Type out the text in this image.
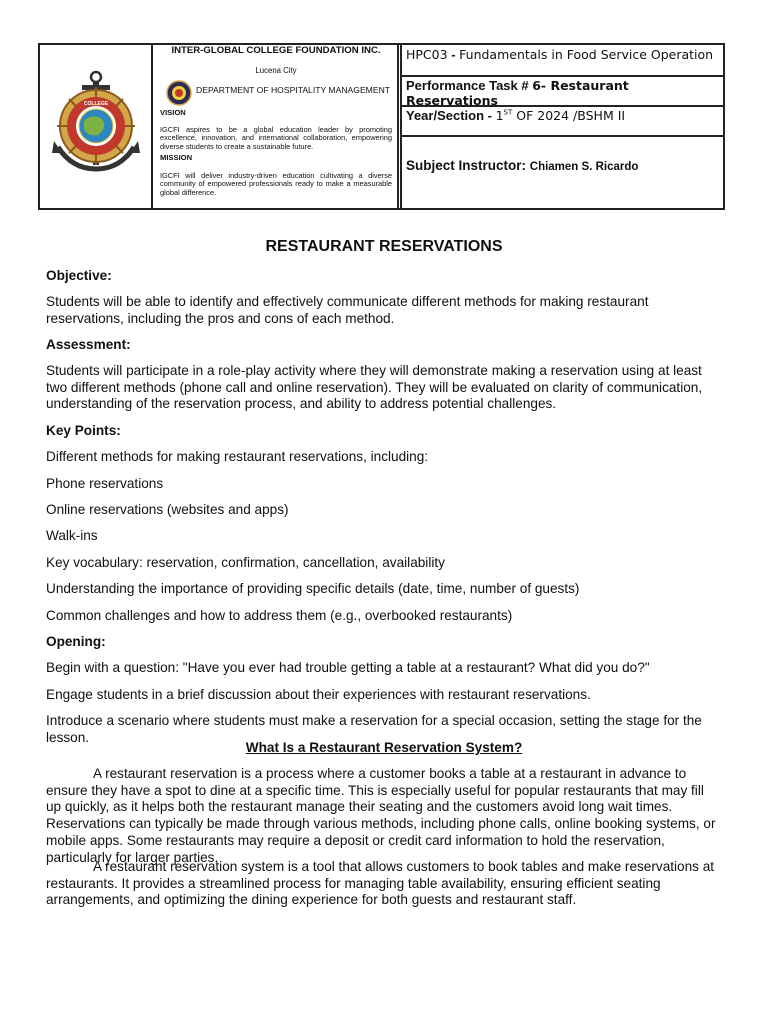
COLLEGE
INTER-GLOBAL COLLEGE FOUNDATION INC.
Lucena City
DEPARTMENT OF HOSPITALITY MANAGEMENT
VISION
IGCFI aspires to be a global education leader by promoting excellence, innovation, and international collaboration, empowering diverse students to create a sustainable future.
MISSION
IGCFI will deliver industry-driven education cultivating a diverse community of empowered professionals ready to make a measurable global difference.
HPC03 - Fundamentals in Food Service Operation
Performance Task # 6- Restaurant Reservations
Year/Section - 1ST OF 2024 /BSHM II
Subject Instructor: Chiamen S. Ricardo

RESTAURANT RESERVATIONS

Objective:

Students will be able to identify and effectively communicate different methods for making restaurant reservations, including the pros and cons of each method.

Assessment:

Students will participate in a role-play activity where they will demonstrate making a reservation using at least two different methods (phone call and online reservation). They will be evaluated on clarity of communication, understanding of the reservation process, and ability to address potential challenges.

Key Points:

Different methods for making restaurant reservations, including:

Phone reservations

Online reservations (websites and apps)

Walk-ins

Key vocabulary: reservation, confirmation, cancellation, availability

Understanding the importance of providing specific details (date, time, number of guests)

Common challenges and how to address them (e.g., overbooked restaurants)

Opening:

Begin with a question: "Have you ever had trouble getting a table at a restaurant? What did you do?"

Engage students in a brief discussion about their experiences with restaurant reservations.

Introduce a scenario where students must make a reservation for a special occasion, setting the stage for the lesson.

What Is a Restaurant Reservation System?

A restaurant reservation is a process where a customer books a table at a restaurant in advance to ensure they have a spot to dine at a specific time. This is especially useful for popular restaurants that may fill up quickly, as it helps both the restaurant manage their seating and the customers avoid long wait times. Reservations can typically be made through various methods, including phone calls, online booking systems, or mobile apps. Some restaurants may require a deposit or credit card information to hold the reservation, particularly for larger parties.

A restaurant reservation system is a tool that allows customers to book tables and make reservations at restaurants. It provides a streamlined process for managing table availability, ensuring efficient seating arrangements, and optimizing the dining experience for both guests and restaurant staff.
